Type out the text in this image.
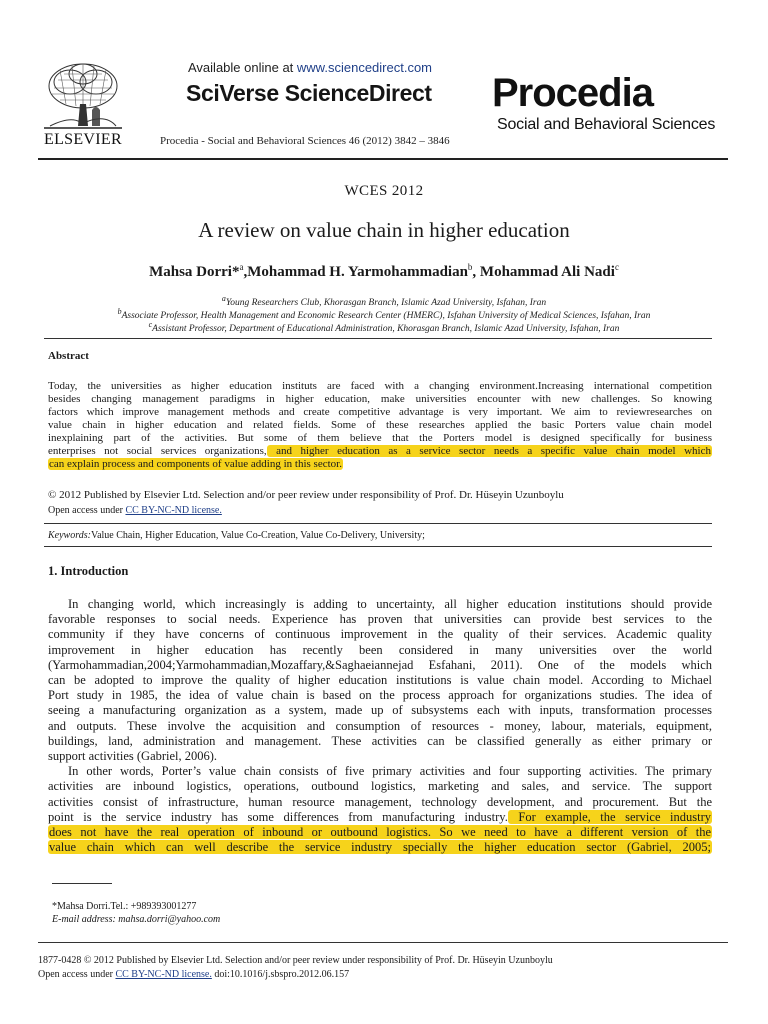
ELSEVIER
Available online at www.sciencedirect.com
SciVerse ScienceDirect
Procedia - Social and Behavioral Sciences 46 (2012) 3842 – 3846
Procedia
Social and Behavioral Sciences
WCES 2012
A review on value chain in higher education
Mahsa Dorri*$^a$,Mohammad H. Yarmohammadian$^b$, Mohammad Ali Nadi$^c$
$^a$Young Researchers Club, Khorasgan Branch, Islamic Azad University, Isfahan, Iran
$^b$Associate Professor, Health Management and Economic Research Center (HMERC), Isfahan University of Medical Sciences, Isfahan, Iran
$^c$Assistant Professor, Department of Educational Administration, Khorasgan Branch, Islamic Azad University, Isfahan, Iran
Abstract
Today, the universities as higher education instituts are faced with a changing environment.Increasing international competition
besides changing management paradigms in higher education, make universities encounter with new challenges. So knowing
factors which improve management methods and create competitive advantage is very important. We aim to reviewresearches on
value chain in higher education and related fields. Some of these researches applied the basic Porters value chain model
inexplaining part of the activities. But some of them believe that the Porters model is designed specifically for business
enterprises not social services organizations, and higher education as a service sector needs a specific value chain model which
can explain process and components of value adding in this sector.
© 2012 Published by Elsevier Ltd. Selection and/or peer review under responsibility of Prof. Dr. Hüseyin Uzunboylu
Open access under CC BY-NC-ND license.
Keywords:Value Chain, Higher Education, Value Co-Creation, Value Co-Delivery, University;
1. Introduction
In changing world, which increasingly is adding to uncertainty, all higher education institutions should provide
favorable responses to social needs. Experience has proven that universities can provide best services to the
community if they have concerns of continuous improvement in the quality of their services. Academic quality
improvement in higher education has recently been considered in many universities over the world
(Yarmohammadian,2004;Yarmohammadian,Mozaffary,&Saghaeiannejad Esfahani, 2011). One of the models which
can be adopted to improve the quality of higher education institutions is value chain model. According to Michael
Port study in 1985, the idea of value chain is based on the process approach for organizations studies. The idea of
seeing a manufacturing organization as a system, made up of subsystems each with inputs, transformation processes
and outputs. These involve the acquisition and consumption of resources - money, labour, materials, equipment,
buildings, land, administration and management. These activities can be classified generally as either primary or
support activities (Gabriel, 2006).
In other words, Porter’s value chain consists of five primary activities and four supporting activities. The primary
activities are inbound logistics, operations, outbound logistics, marketing and sales, and service. The support
activities consist of infrastructure, human resource management, technology development, and procurement. But the
point is the service industry has some differences from manufacturing industry. For example, the service industry
does not have the real operation of inbound or outbound logistics. So we need to have a different version of the
value chain which can well describe the service industry specially the higher education sector (Gabriel, 2005;
*Mahsa Dorri.Tel.: +989393001277
E-mail address: mahsa.dorri@yahoo.com
1877-0428 © 2012 Published by Elsevier Ltd. Selection and/or peer review under responsibility of Prof. Dr. Hüseyin Uzunboylu
Open access under CC BY-NC-ND license. doi:10.1016/j.sbspro.2012.06.157
